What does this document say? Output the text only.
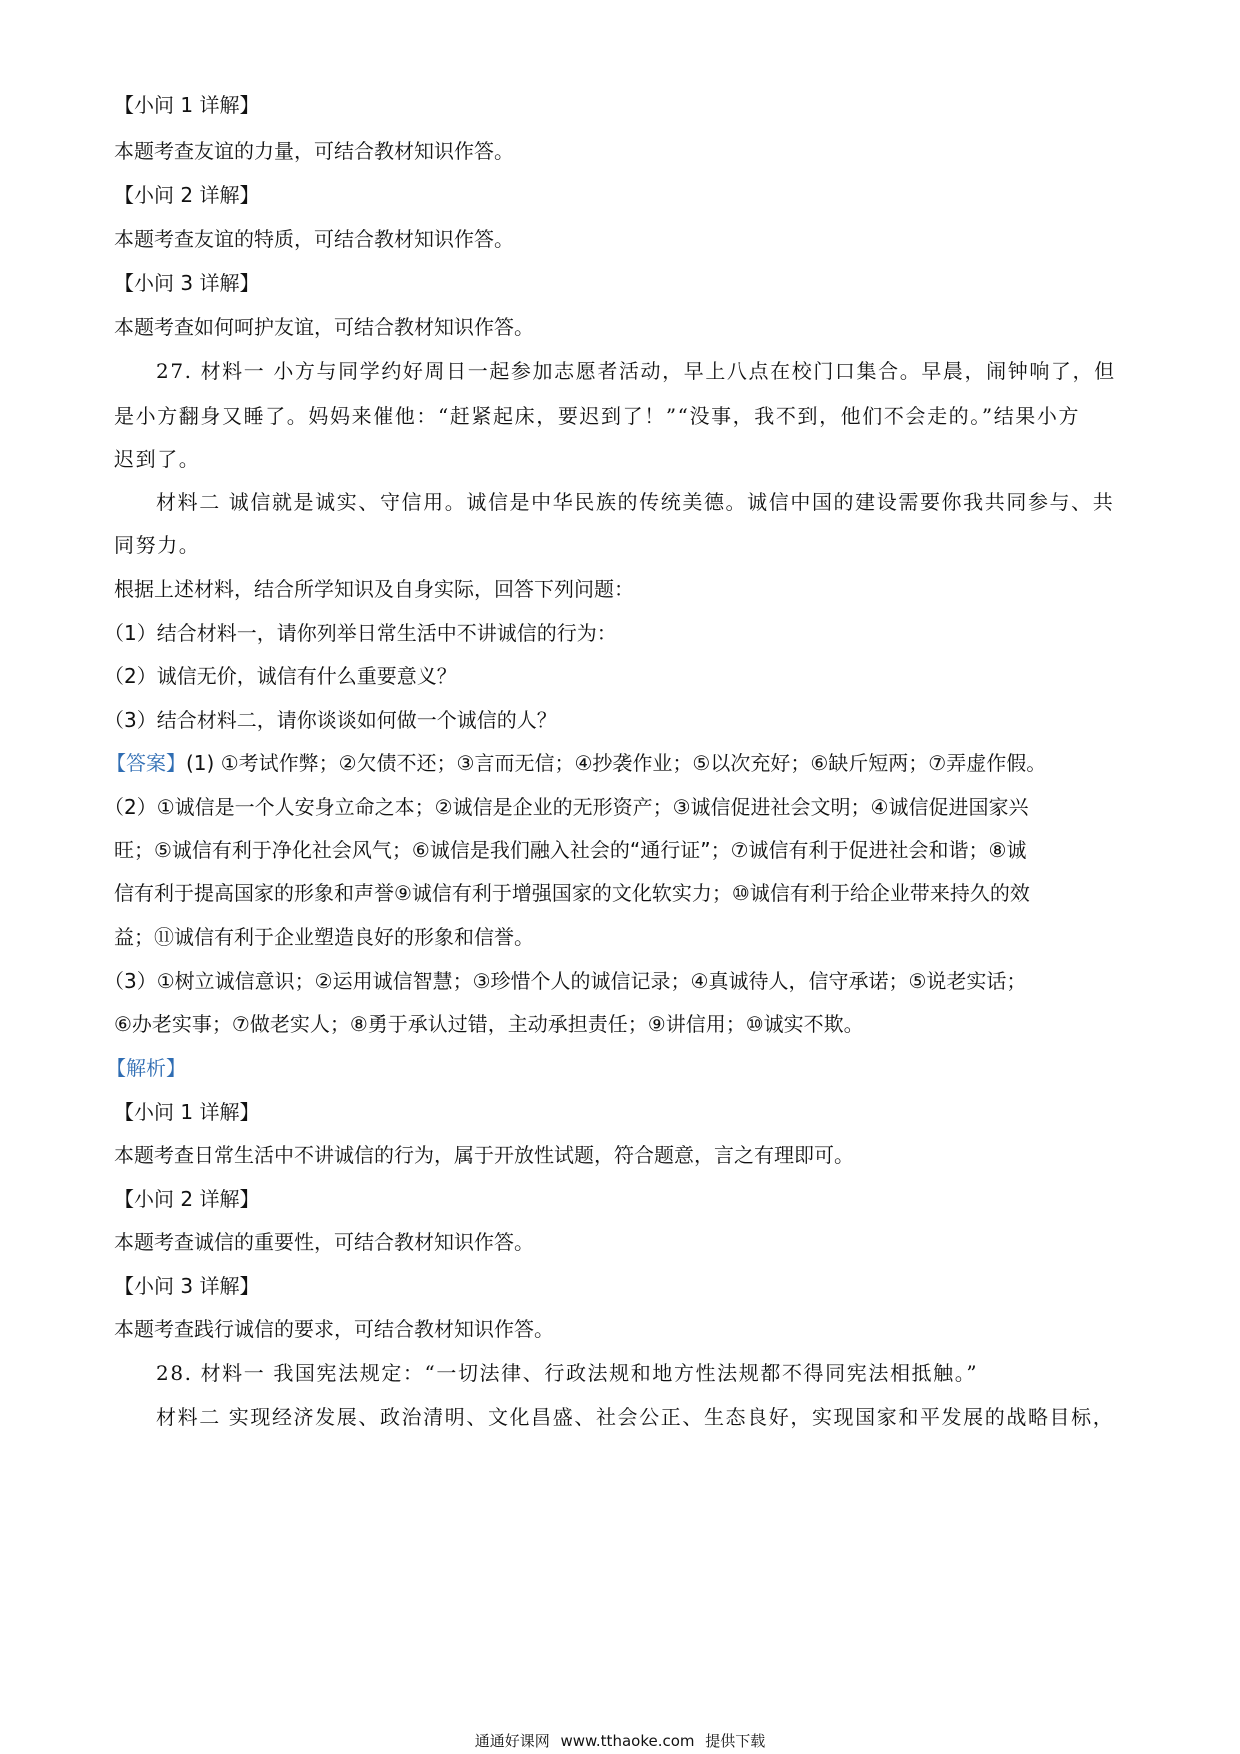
【小问 1 详解】
本题考查友谊的力量，可结合教材知识作答。
【小问 2 详解】
本题考查友谊的特质，可结合教材知识作答。
【小问 3 详解】
本题考查如何呵护友谊，可结合教材知识作答。
27. 材料一 小方与同学约好周日一起参加志愿者活动，早上八点在校门口集合。早晨，闹钟响了，但
是小方翻身又睡了。妈妈来催他：“赶紧起床，要迟到了！”“没事，我不到，他们不会走的。”结果小方
迟到了。
材料二 诚信就是诚实、守信用。诚信是中华民族的传统美德。诚信中国的建设需要你我共同参与、共
同努力。
根据上述材料，结合所学知识及自身实际，回答下列问题：
（1）结合材料一，请你列举日常生活中不讲诚信的行为：
（2）诚信无价，诚信有什么重要意义？
（3）结合材料二，请你谈谈如何做一个诚信的人？
【答案】(1) ①考试作弊；②欠债不还；③言而无信；④抄袭作业；⑤以次充好；⑥缺斤短两；⑦弄虚作假。
（2）①诚信是一个人安身立命之本；②诚信是企业的无形资产；③诚信促进社会文明；④诚信促进国家兴
旺；⑤诚信有利于净化社会风气；⑥诚信是我们融入社会的“通行证”；⑦诚信有利于促进社会和谐；⑧诚
信有利于提高国家的形象和声誉⑨诚信有利于增强国家的文化软实力；⑩诚信有利于给企业带来持久的效
益；⑪诚信有利于企业塑造良好的形象和信誉。
（3）①树立诚信意识；②运用诚信智慧；③珍惜个人的诚信记录；④真诚待人，信守承诺；⑤说老实话；
⑥办老实事；⑦做老实人；⑧勇于承认过错，主动承担责任；⑨讲信用；⑩诚实不欺。
【解析】
【小问 1 详解】
本题考查日常生活中不讲诚信的行为，属于开放性试题，符合题意，言之有理即可。
【小问 2 详解】
本题考查诚信的重要性，可结合教材知识作答。
【小问 3 详解】
本题考查践行诚信的要求，可结合教材知识作答。
28. 材料一 我国宪法规定：“一切法律、行政法规和地方性法规都不得同宪法相抵触。”
材料二 实现经济发展、政治清明、文化昌盛、社会公正、生态良好，实现国家和平发展的战略目标，
通通好课网 www.tthaoke.com 提供下载
